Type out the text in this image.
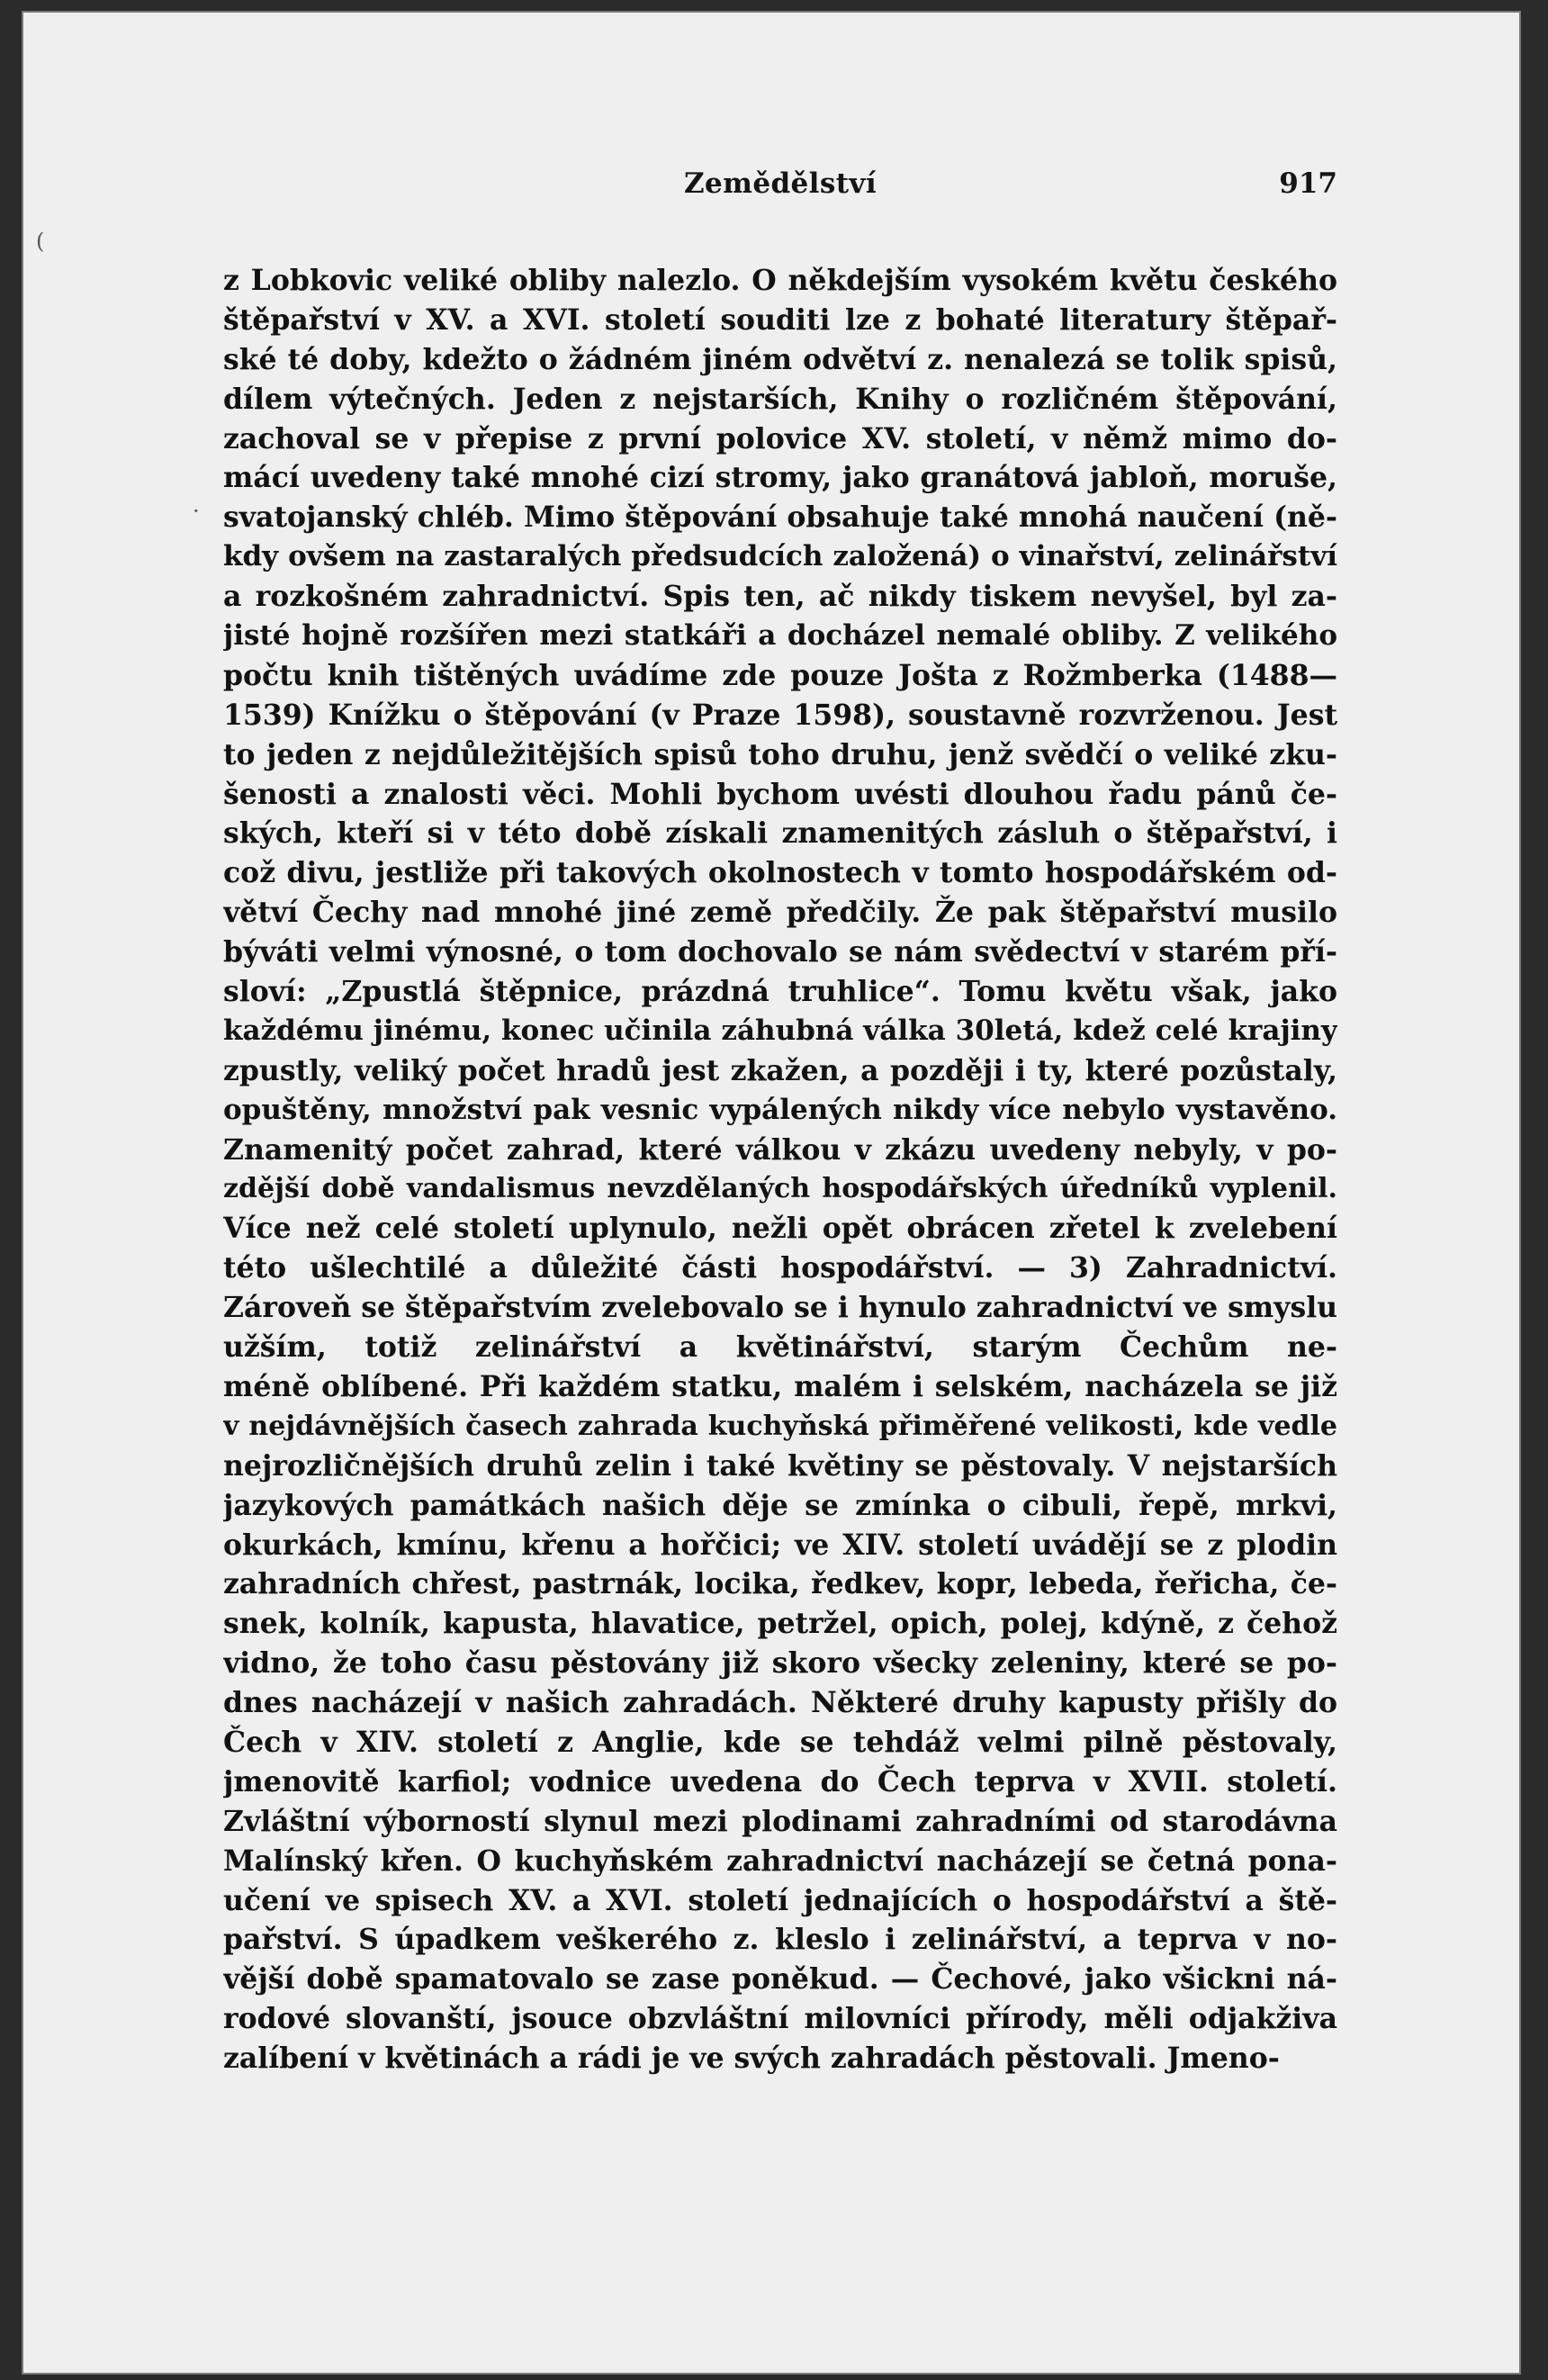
(
·
Zemědělství	917
z Lobkovic veliké obliby nalezlo. O někdejším vysokém květu českého
štěpařství v XV. a XVI. století souditi lze z bohaté literatury štěpař-
ské té doby, kdežto o žádném jiném odvětví z. nenalezá se tolik spisů,
dílem výtečných. Jeden z nejstarších, Knihy o rozličném štěpování,
zachoval se v přepise z první polovice XV. století, v němž mimo do-
mácí uvedeny také mnohé cizí stromy, jako granátová jabloň, moruše,
svatojanský chléb. Mimo štěpování obsahuje také mnohá naučení (ně-
kdy ovšem na zastaralých předsudcích založená) o vinařství, zelinářství
a rozkošném zahradnictví. Spis ten, ač nikdy tiskem nevyšel, byl za-
jisté hojně rozšířen mezi statkáři a docházel nemalé obliby. Z velikého
počtu knih tištěných uvádíme zde pouze Jošta z Rožmberka (1488—
1539) Knížku o štěpování (v Praze 1598), soustavně rozvrženou. Jest
to jeden z nejdůležitějších spisů toho druhu, jenž svědčí o veliké zku-
šenosti a znalosti věci. Mohli bychom uvésti dlouhou řadu pánů če-
ských, kteří si v této době získali znamenitých zásluh o štěpařství, i
což divu, jestliže při takových okolnostech v tomto hospodářském od-
větví Čechy nad mnohé jiné země předčily. Že pak štěpařství musilo
býváti velmi výnosné, o tom dochovalo se nám svědectví v starém pří-
sloví: „Zpustlá štěpnice, prázdná truhlice“. Tomu květu však, jako
každému jinému, konec učinila záhubná válka 30letá, kdež celé krajiny
zpustly, veliký počet hradů jest zkažen, a později i ty, které pozůstaly,
opuštěny, množství pak vesnic vypálených nikdy více nebylo vystavěno.
Znamenitý počet zahrad, které válkou v zkázu uvedeny nebyly, v po-
zdější době vandalismus nevzdělaných hospodářských úředníků vyplenil.
Více než celé století uplynulo, nežli opět obrácen zřetel k zvelebení
této ušlechtilé a důležité části hospodářství. — 3) Zahradnictví.
Zároveň se štěpařstvím zvelebovalo se i hynulo zahradnictví ve smyslu
užším, totiž zelinářství a květinářství, starým Čechům ne-
méně oblíbené. Při každém statku, malém i selském, nacházela se již
v nejdávnějších časech zahrada kuchyňská přiměřené velikosti, kde vedle
nejrozličnějších druhů zelin i také květiny se pěstovaly. V nejstarších
jazykových památkách našich děje se zmínka o cibuli, řepě, mrkvi,
okurkách, kmínu, křenu a hořčici; ve XIV. století uvádějí se z plodin
zahradních chřest, pastrnák, locika, ředkev, kopr, lebeda, řeřicha, če-
snek, kolník, kapusta, hlavatice, petržel, opich, polej, kdýně, z čehož
vidno, že toho času pěstovány již skoro všecky zeleniny, které se po-
dnes nacházejí v našich zahradách. Některé druhy kapusty přišly do
Čech v XIV. století z Anglie, kde se tehdáž velmi pilně pěstovaly,
jmenovitě karfiol; vodnice uvedena do Čech teprva v XVII. století.
Zvláštní výborností slynul mezi plodinami zahradními od starodávna
Malínský křen. O kuchyňském zahradnictví nacházejí se četná pona-
učení ve spisech XV. a XVI. století jednajících o hospodářství a ště-
pařství. S úpadkem veškerého z. kleslo i zelinářství, a teprva v no-
vější době spamatovalo se zase poněkud. — Čechové, jako všickni ná-
rodové slovanští, jsouce obzvláštní milovníci přírody, měli odjakživa
zalíbení v květinách a rádi je ve svých zahradách pěstovali. Jmeno-
